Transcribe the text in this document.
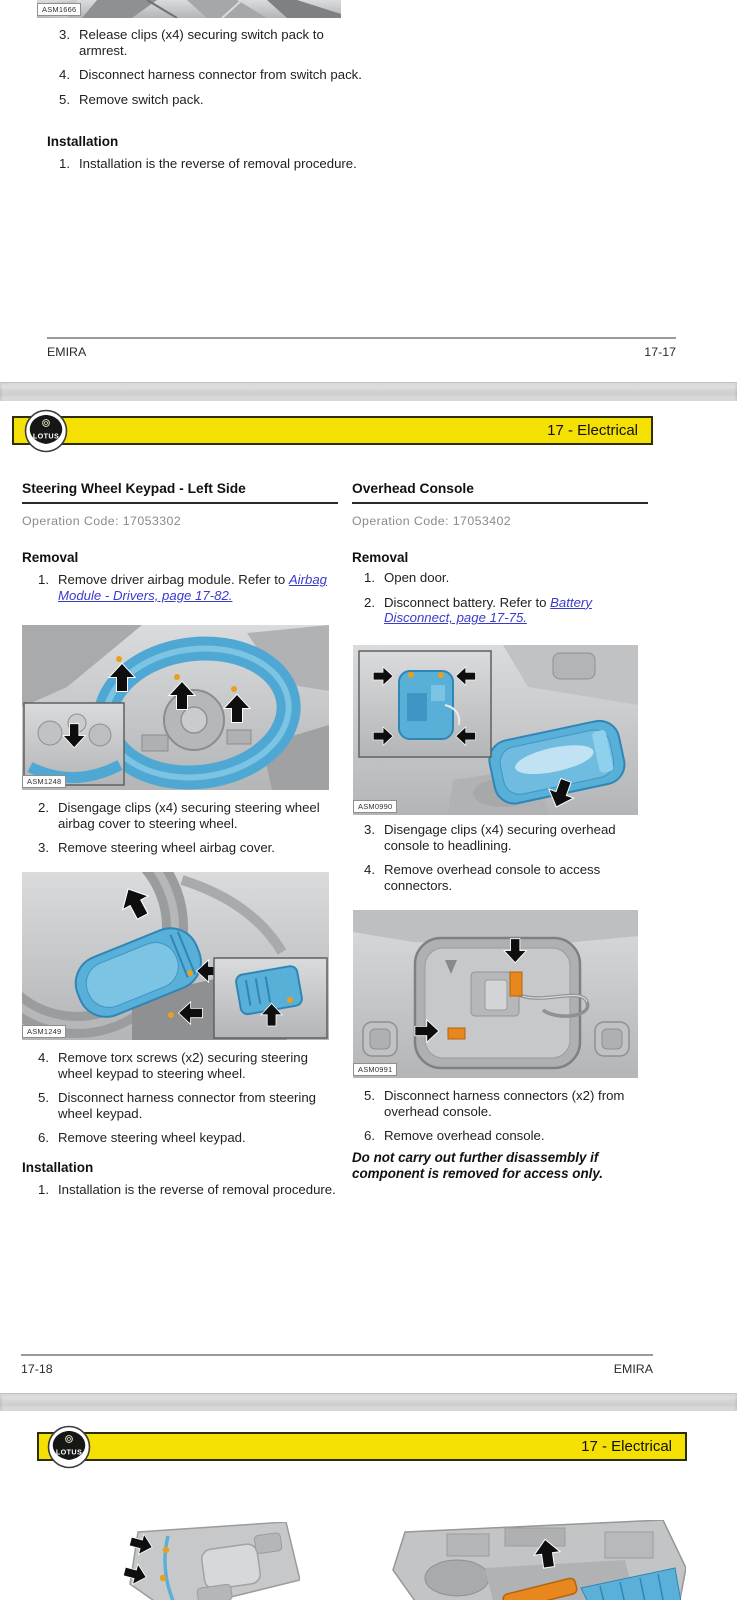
ASM1666
3. Release clips (x4) securing switch pack to armrest.
4. Disconnect harness connector from switch pack.
5. Remove switch pack.
Installation
1. Installation is the reverse of removal procedure.
EMIRA	17-17
17 - Electrical
LOTUS
Steering Wheel Keypad - Left Side
Operation Code: 17053302
Removal
1. Remove driver airbag module. Refer to Airbag Module - Drivers, page 17-82.
ASM1248
2. Disengage clips (x4) securing steering wheel airbag cover to steering wheel.
3. Remove steering wheel airbag cover.
ASM1249
4. Remove torx screws (x2) securing steering wheel keypad to steering wheel.
5. Disconnect harness connector from steering wheel keypad.
6. Remove steering wheel keypad.
Installation
1. Installation is the reverse of removal procedure.
Overhead Console
Operation Code: 17053402
Removal
1. Open door.
2. Disconnect battery. Refer to Battery Disconnect, page 17-75.
ASM0990
3. Disengage clips (x4) securing overhead console to headlining.
4. Remove overhead console to access connectors.
ASM0991
5. Disconnect harness connectors (x2) from overhead console.
6. Remove overhead console.
Do not carry out further disassembly if component is removed for access only.
17-18	EMIRA
17 - Electrical
LOTUS
